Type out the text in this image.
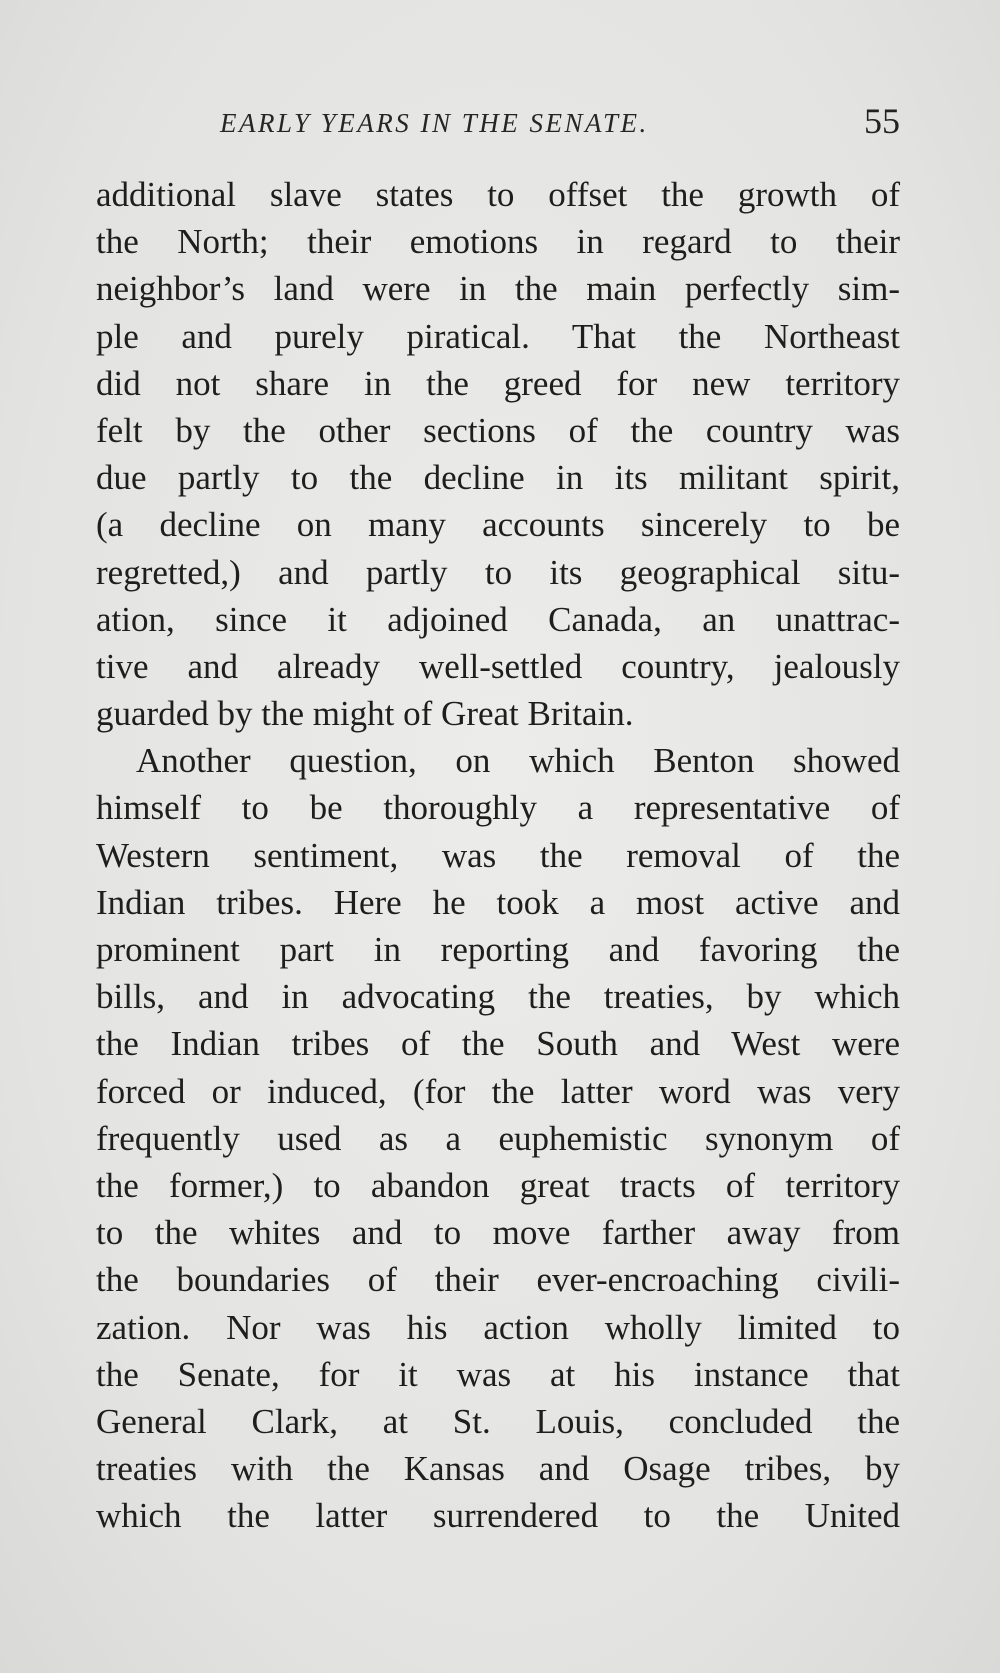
EARLY YEARS IN THE SENATE.	55
additional slave states to offset the growth of
the North; their emotions in regard to their
neighbor’s land were in the main perfectly sim-
ple and purely piratical. That the Northeast
did not share in the greed for new territory
felt by the other sections of the country was
due partly to the decline in its militant spirit,
(a decline on many accounts sincerely to be
regretted,) and partly to its geographical situ-
ation, since it adjoined Canada, an unattrac-
tive and already well-settled country, jealously
guarded by the might of Great Britain.
Another question, on which Benton showed
himself to be thoroughly a representative of
Western sentiment, was the removal of the
Indian tribes. Here he took a most active and
prominent part in reporting and favoring the
bills, and in advocating the treaties, by which
the Indian tribes of the South and West were
forced or induced, (for the latter word was very
frequently used as a euphemistic synonym of
the former,) to abandon great tracts of territory
to the whites and to move farther away from
the boundaries of their ever-encroaching civili-
zation. Nor was his action wholly limited to
the Senate, for it was at his instance that
General Clark, at St. Louis, concluded the
treaties with the Kansas and Osage tribes, by
which the latter surrendered to the United
